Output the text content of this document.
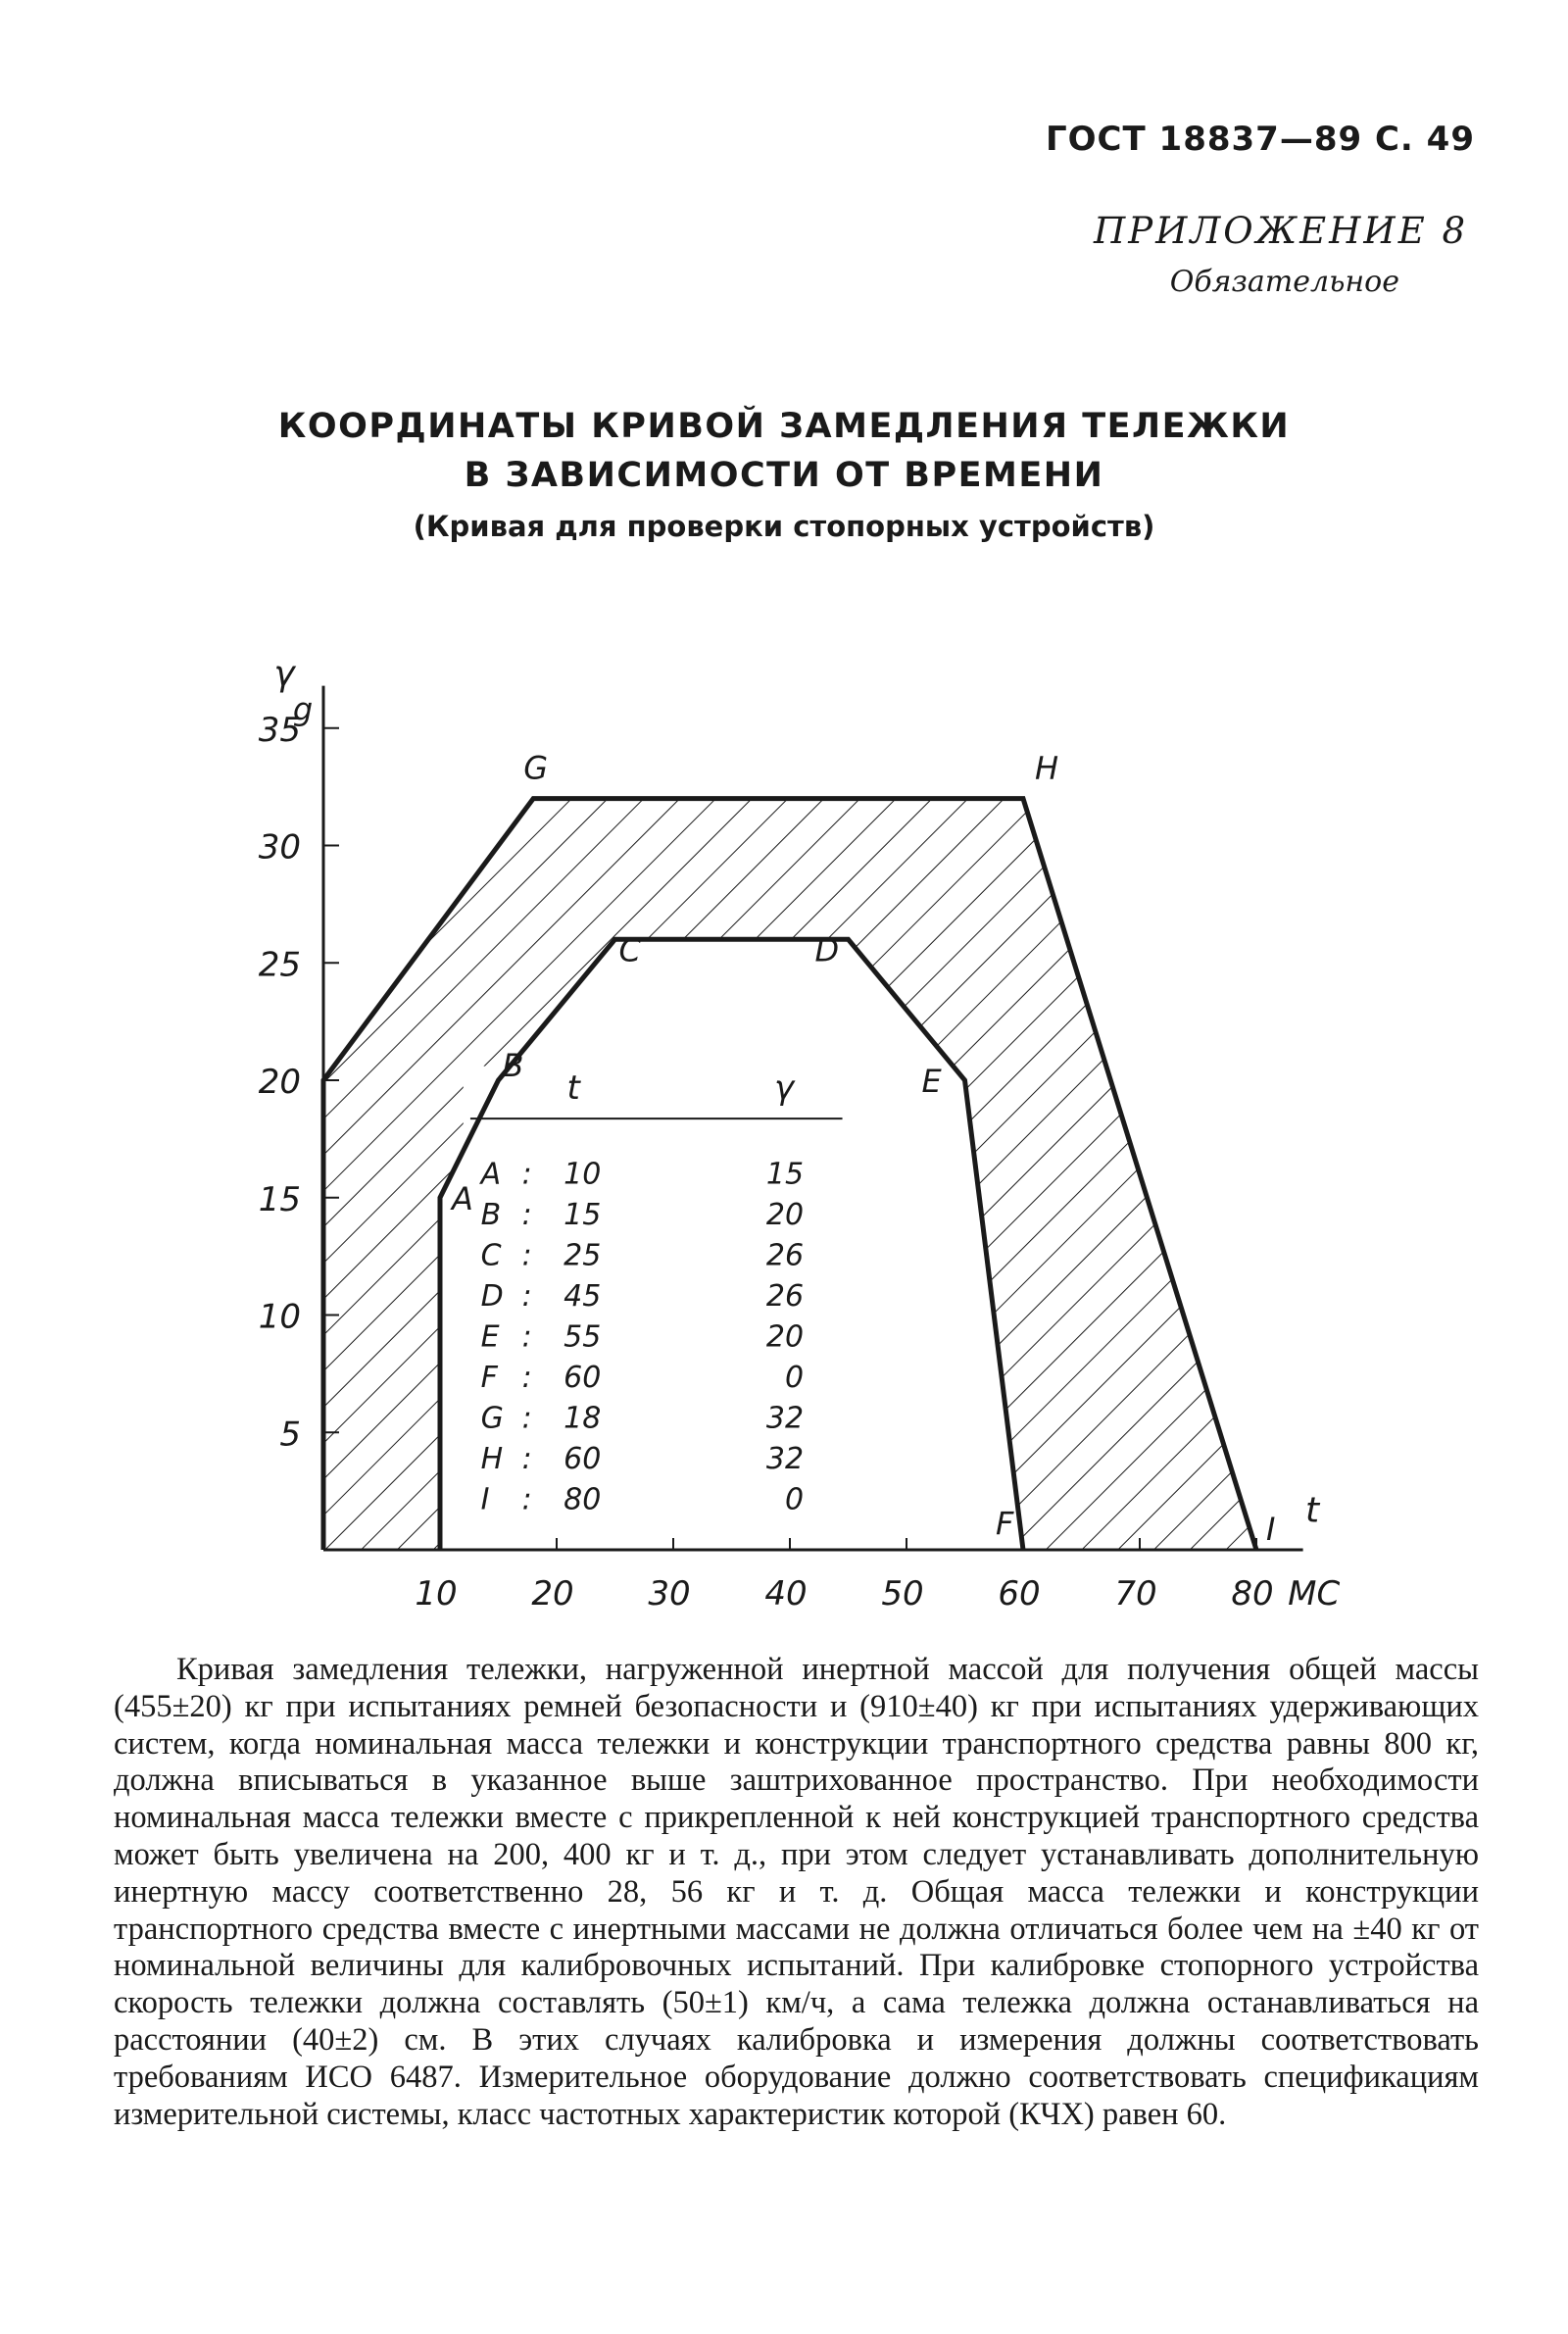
ГОСТ 18837—89 С. 49
ПРИЛОЖЕНИЕ 8
Обязательное
КООРДИНАТЫ КРИВОЙ ЗАМЕДЛЕНИЯ ТЕЛЕЖКИ
В ЗАВИСИМОСТИ ОТ ВРЕМЕНИ
(Кривая для проверки стопорных устройств)
5
10
15
20
25
30
35
10 20 30 40 50 60 70 80
γ
g
t
МС
G	H
I
A
B
C	D
E
F
t	γ
A : 10	15
B : 15	20
C : 25	26
D : 45	26
E : 55	20
F : 60	0
G : 18	32
H : 60	32
I : 80	0
Кривая замедления тележки, нагруженной инертной массой для получения общей массы (455±20) кг при испытаниях ремней безопасности и (910±40) кг при испытаниях удерживающих систем, когда номинальная масса тележки и конструкции транспортного средства равны 800 кг, должна вписываться в указанное выше заштрихованное пространство. При необходимости номинальная масса тележки вместе с прикрепленной к ней конструкцией транспортного средства может быть увеличена на 200, 400 кг и т. д., при этом следует устанавливать дополнительную инертную массу соответственно 28, 56 кг и т. д. Общая масса тележки и конструкции транспортного средства вместе с инертными массами не должна отличаться более чем на ±40 кг от номинальной величины для калибровочных испытаний. При калибровке стопорного устройства скорость тележки должна составлять (50±1) км/ч, а сама тележка должна останавливаться на расстоянии (40±2) см. В этих случаях калибровка и измерения должны соответствовать требованиям ИСО 6487. Измерительное оборудование должно соответствовать спецификациям измерительной системы, класс частотных характеристик которой (КЧХ) равен 60.
